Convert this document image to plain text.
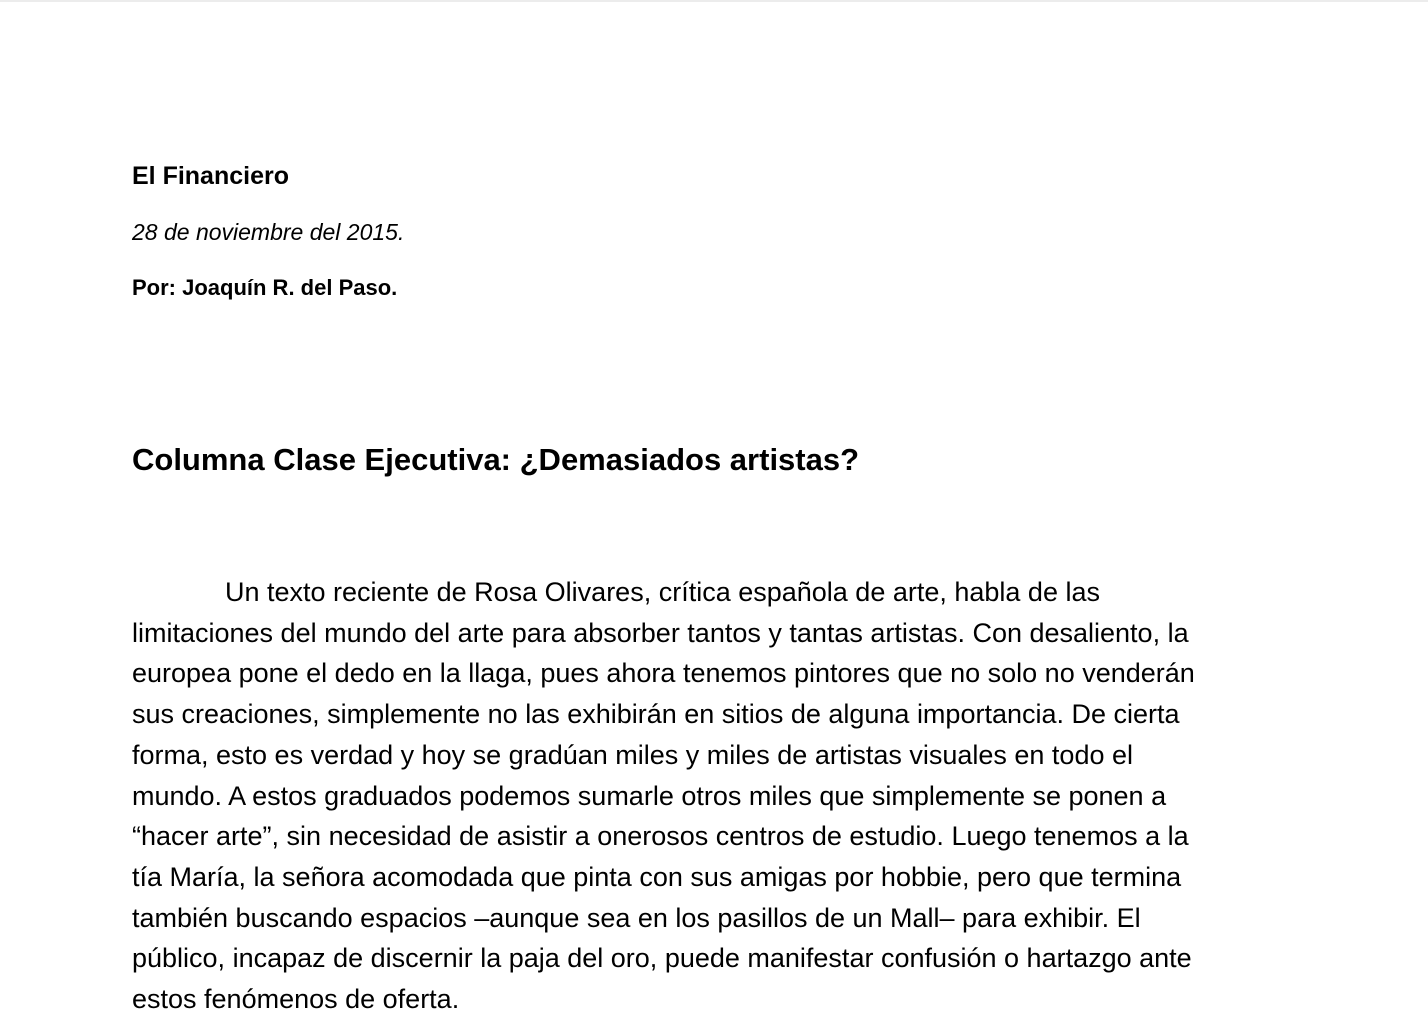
El Financiero
28 de noviembre del 2015.
Por: Joaquín R. del Paso.
Columna Clase Ejecutiva: ¿Demasiados artistas?
Un texto reciente de Rosa Olivares, crítica española de arte, habla de las
limitaciones del mundo del arte para absorber tantos y tantas artistas. Con desaliento, la
europea pone el dedo en la llaga, pues ahora tenemos pintores que no solo no venderán
sus creaciones, simplemente no las exhibirán en sitios de alguna importancia. De cierta
forma, esto es verdad y hoy se gradúan miles y miles de artistas visuales en todo el
mundo. A estos graduados podemos sumarle otros miles que simplemente se ponen a
“hacer arte”, sin necesidad de asistir a onerosos centros de estudio. Luego tenemos a la
tía María, la señora acomodada que pinta con sus amigas por hobbie, pero que termina
también buscando espacios –aunque sea en los pasillos de un Mall– para exhibir. El
público, incapaz de discernir la paja del oro, puede manifestar confusión o hartazgo ante
estos fenómenos de oferta.
